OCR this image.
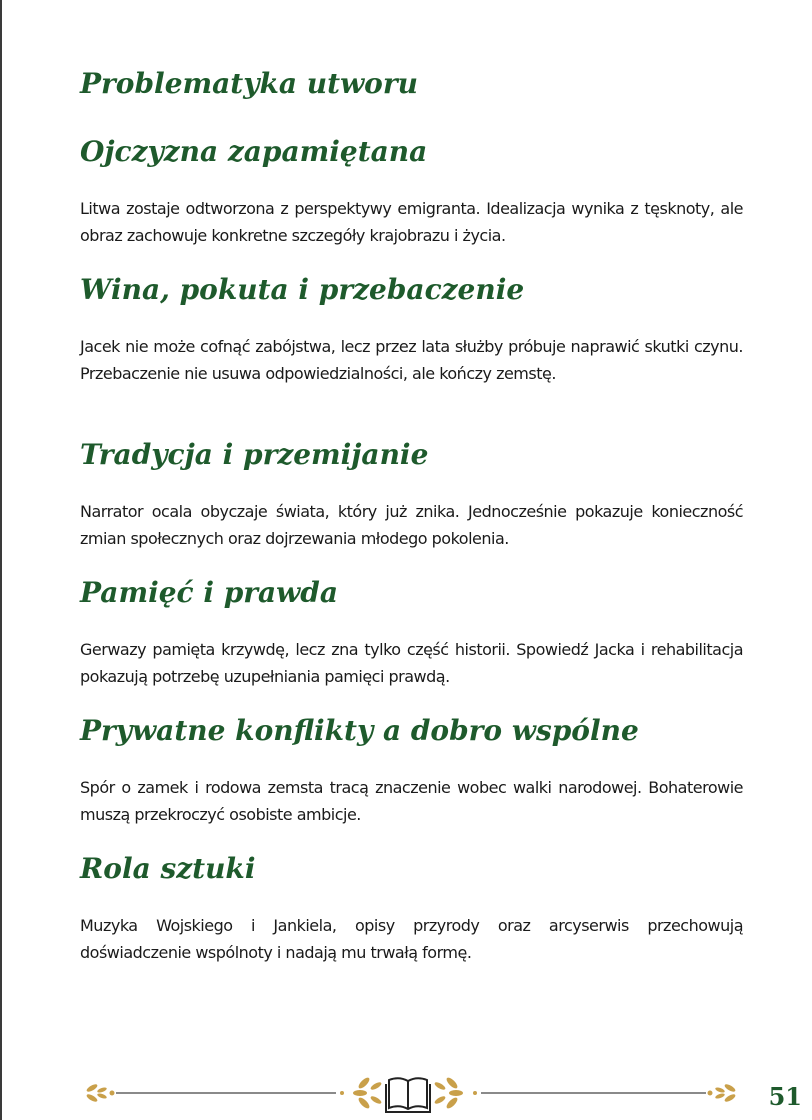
Problematyka utworu
Ojczyzna zapamiętana

Litwa zostaje odtworzona z perspektywy emigranta. Idealizacja wynika z tęsknoty, ale obraz zachowuje konkretne szczegóły krajobrazu i życia.

Wina, pokuta i przebaczenie

Jacek nie może cofnąć zabójstwa, lecz przez lata służby próbuje naprawić skutki czynu. Przebaczenie nie usuwa odpowiedzialności, ale kończy zemstę.

Tradycja i przemijanie

Narrator ocala obyczaje świata, który już znika. Jednocześnie pokazuje konieczność zmian społecznych oraz dojrzewania młodego pokolenia.

Pamięć i prawda

Gerwazy pamięta krzywdę, lecz zna tylko część historii. Spowiedź Jacka i rehabilitacja pokazują potrzebę uzupełniania pamięci prawdą.

Prywatne konflikty a dobro wspólne

Spór o zamek i rodowa zemsta tracą znaczenie wobec walki narodowej. Bohaterowie muszą przekroczyć osobiste ambicje.

Rola sztuki

Muzyka Wojskiego i Jankiela, opisy przyrody oraz arcyserwis przechowują doświadczenie wspólnoty i nadają mu trwałą formę.

51
